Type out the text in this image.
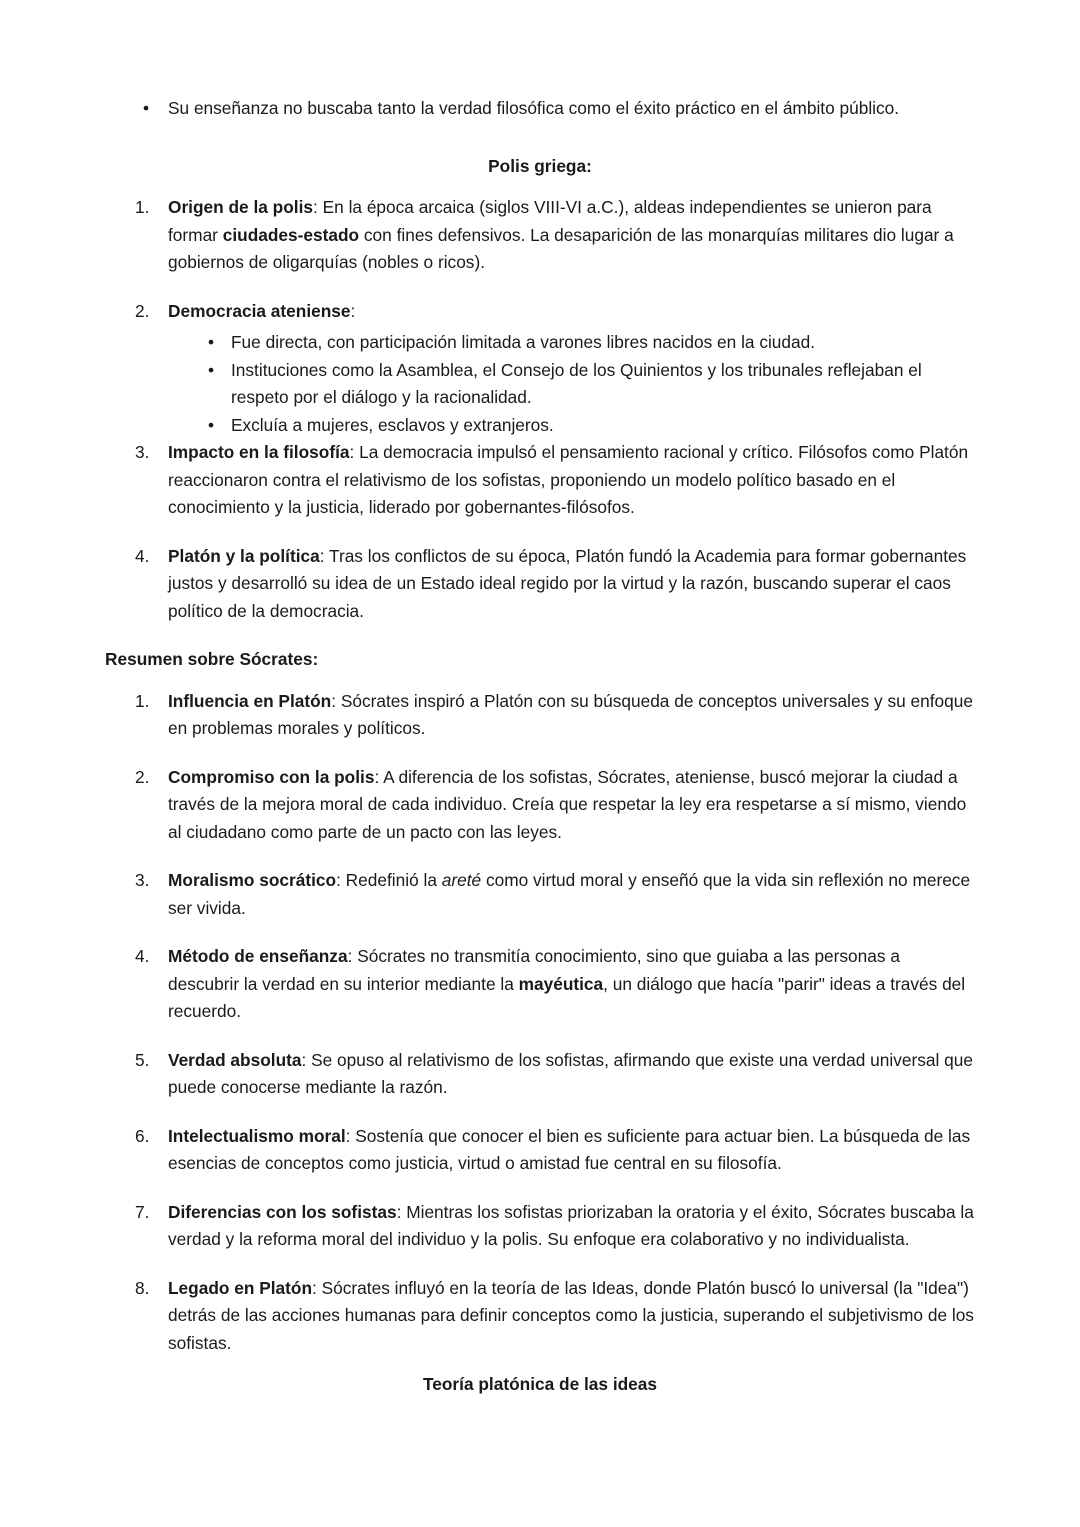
• Su enseñanza no buscaba tanto la verdad filosófica como el éxito práctico en el ámbito público.
Polis griega:
Origen de la polis: En la época arcaica (siglos VIII-VI a.C.), aldeas independientes se unieron para formar ciudades-estado con fines defensivos. La desaparición de las monarquías militares dio lugar a gobiernos de oligarquías (nobles o ricos).
Democracia ateniense:
• Fue directa, con participación limitada a varones libres nacidos en la ciudad.
• Instituciones como la Asamblea, el Consejo de los Quinientos y los tribunales reflejaban el respeto por el diálogo y la racionalidad.
• Excluía a mujeres, esclavos y extranjeros.
Impacto en la filosofía: La democracia impulsó el pensamiento racional y crítico. Filósofos como Platón reaccionaron contra el relativismo de los sofistas, proponiendo un modelo político basado en el conocimiento y la justicia, liderado por gobernantes-filósofos.
Platón y la política: Tras los conflictos de su época, Platón fundó la Academia para formar gobernantes justos y desarrolló su idea de un Estado ideal regido por la virtud y la razón, buscando superar el caos político de la democracia.
Resumen sobre Sócrates:
Influencia en Platón: Sócrates inspiró a Platón con su búsqueda de conceptos universales y su enfoque en problemas morales y políticos.
Compromiso con la polis: A diferencia de los sofistas, Sócrates, ateniense, buscó mejorar la ciudad a través de la mejora moral de cada individuo. Creía que respetar la ley era respetarse a sí mismo, viendo al ciudadano como parte de un pacto con las leyes.
Moralismo socrático: Redefinió la areté como virtud moral y enseñó que la vida sin reflexión no merece ser vivida.
Método de enseñanza: Sócrates no transmitía conocimiento, sino que guiaba a las personas a descubrir la verdad en su interior mediante la mayéutica, un diálogo que hacía "parir" ideas a través del recuerdo.
Verdad absoluta: Se opuso al relativismo de los sofistas, afirmando que existe una verdad universal que puede conocerse mediante la razón.
Intelectualismo moral: Sostenía que conocer el bien es suficiente para actuar bien. La búsqueda de las esencias de conceptos como justicia, virtud o amistad fue central en su filosofía.
Diferencias con los sofistas: Mientras los sofistas priorizaban la oratoria y el éxito, Sócrates buscaba la verdad y la reforma moral del individuo y la polis. Su enfoque era colaborativo y no individualista.
Legado en Platón: Sócrates influyó en la teoría de las Ideas, donde Platón buscó lo universal (la "Idea") detrás de las acciones humanas para definir conceptos como la justicia, superando el subjetivismo de los sofistas.
Teoría platónica de las ideas
